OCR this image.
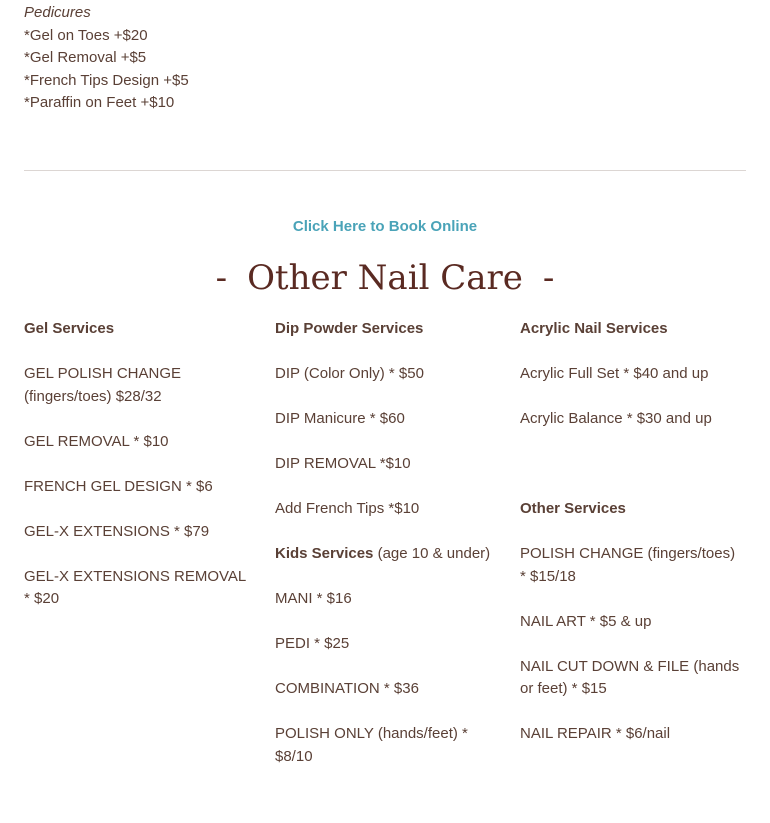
Pedicures
*Gel on Toes +$20
*Gel Removal +$5
*French Tips Design +$5
*Paraffin on Feet +$10
Click Here to Book Online
- Other Nail Care -

Gel Services

GEL POLISH CHANGE (fingers/toes) $28/32

GEL REMOVAL * $10

FRENCH GEL DESIGN * $6

GEL-X EXTENSIONS * $79

GEL-X EXTENSIONS REMOVAL * $20

Dip Powder Services

DIP (Color Only) * $50

DIP Manicure * $60

DIP REMOVAL *$10

Add French Tips *$10

Kids Services (age 10 & under)

MANI * $16

PEDI * $25

COMBINATION * $36

POLISH ONLY (hands/feet) * $8/10

Acrylic Nail Services

Acrylic Full Set * $40 and up

Acrylic Balance * $30 and up

Other Services

POLISH CHANGE (fingers/toes) * $15/18

NAIL ART * $5 & up

NAIL CUT DOWN & FILE (hands or feet) * $15

NAIL REPAIR * $6/nail
